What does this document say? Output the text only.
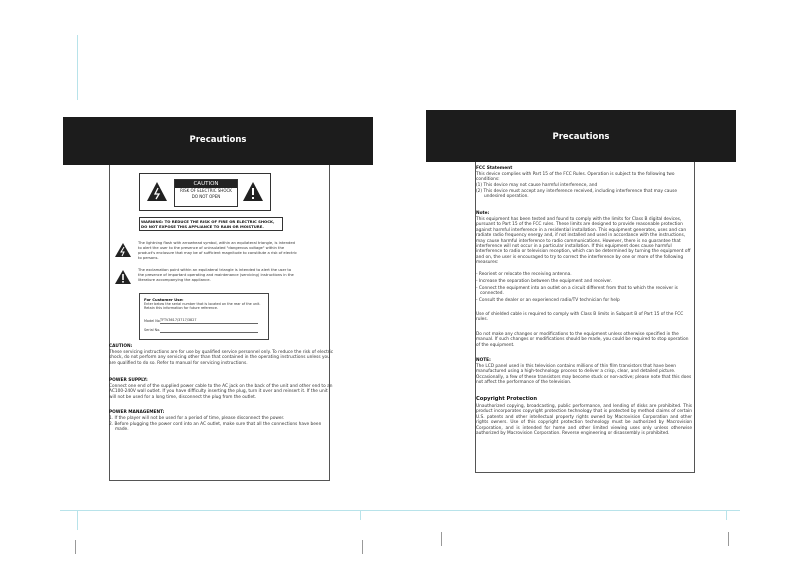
Precautions
CAUTION
RISK OF ELECTRIC SHOCK
DO NOT OPEN
WARNING: TO REDUCE THE RISK OF FIRE OR ELECTRIC SHOCK, DO NOT EXPOSE THIS APPLIANCE TO RAIN OR MOISTURE.
The lightning flash with arrowhead symbol, within an equilateral triangle, is intended to alert the user to the presence of uninsulated "dangerous voltage" within the product's enclosure that may be of sufficient magnitude to constitute a risk of electric to persons.
The exclamation point within an equilateral triangle is intended to alert the user to the presence of important operating and maintenance (servicing) instructions in the literature accompanying the appliance.
For Customer Use:
Enter below the serial number that is located on the rear of the unit. Retain this information for future reference.
Model No. TFTV3617/3717/3827
Serial No.
CAUTION:
These servicing instructions are for use by qualified service personnel only. To reduce the risk of electric shock, do not perform any servicing other than that contained in the operating instructions unless you are qualified to do so. Refer to manual for servicing instructions.
POWER SUPPLY:
Connect one end of the supplied power cable to the AC jack on the back of the unit and other end to an AC100-240V wall outlet. If you have difficulty inserting the plug, turn it over and reinsert it. If the unit will not be used for a long time, disconnect the plug from the outlet.
POWER MANAGEMENT:
1. If the player will not be used for a period of time, please disconnect the power.
2. Before plugging the power cord into an AC outlet, make sure that all the connections have been made.
Precautions
FCC Statement
This device complies with Part 15 of the FCC Rules. Operation is subject to the following two conditions:
(1) This device may not cause harmful interference, and
(2) This device must accept any interference received, including interference that may cause undesired operation.
Note:
This equipment has been tested and found to comply with the limits for Class B digital devices, pursuant to Part 15 of the FCC rules. These limits are designed to provide reasonable protection against harmful interference in a residential installation. This equipment generates, uses and can radiate radio frequency energy and, if not installed and used in accordance with the instructions, may cause harmful interference to radio communications. However, there is no guarantee that interference will not occur in a particular installation. If this equipment does cause harmful interference to radio or television reception, which can be determined by turning the equipment off and on, the user is encouraged to try to correct the interference by one or more of the following measures:
- Reorient or relocate the receiving antenna.
- Increase the separation between the equipment and receiver.
- Connect the equipment into an outlet on a circuit different from that to which the receiver is connected.
- Consult the dealer or an experienced radio/TV technician for help
Use of shielded cable is required to comply with Class B limits in Subpart B of Part 15 of the FCC rules.
Do not make any changes or modifications to the equipment unless otherwise specified in the manual. If such changes or modifications should be made, you could be required to stop operation of the equipment.
NOTE:
The LCD panel used in this television contains millions of thin film transistors that have been manufactured using a high-technology process to deliver a crisp, clear, and detailed picture. Occasionally, a few of these transistors may become stuck or non-active; please note that this does not affect the performance of the television.
Copyright Protection
Unauthorized copying, broadcasting, public performance, and lending of disks are prohibited. This product incorporates copyright protection technology that is protected by method claims of certain U.S. patents and other intellectual property rights owned by Macrovision Corporation and other rights owners. Use of this copyright protection technology must be authorized by Macrovision Corporation, and is intended for home and other limited viewing uses only unless otherwise authorized by Macrovision Corporation. Reverse engineering or disassembly is prohibited.
